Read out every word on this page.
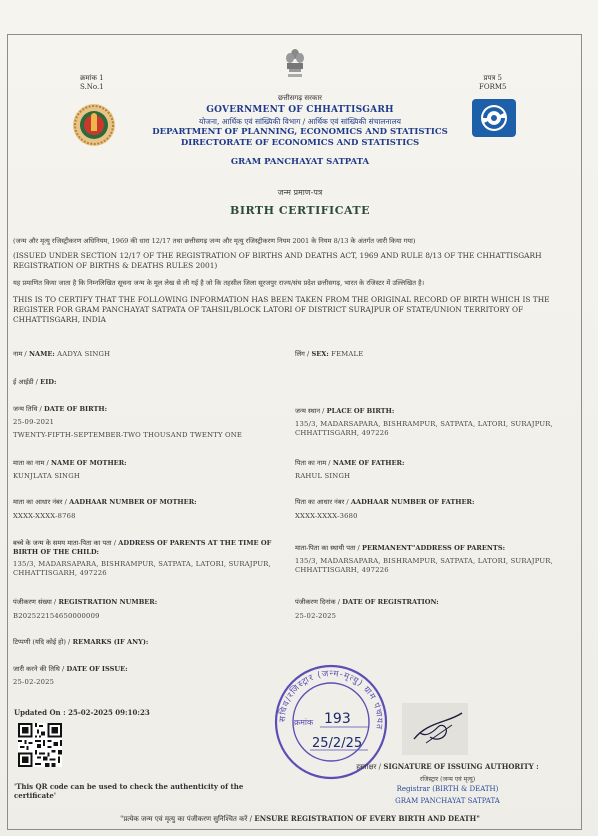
क्रमांक 1
S.No.1
प्रपत्र 5
FORM5
छत्तीसगढ़ सरकार
GOVERNMENT OF CHHATTISGARH
योजना, आर्थिक एवं सांख्यिकी विभाग / आर्थिक एवं सांख्यिकी संचालनालय
DEPARTMENT OF PLANNING, ECONOMICS AND STATISTICS
DIRECTORATE OF ECONOMICS AND STATISTICS
GRAM PANCHAYAT SATPATA
जन्म प्रमाण-पत्र
BIRTH CERTIFICATE
(जन्म और मृत्यु रजिस्ट्रीकरण अधिनियम, 1969 की धारा 12/17 तथा छत्तीसगढ़ जन्म और मृत्यु रजिस्ट्रीकरण नियम 2001 के नियम 8/13 के अंतर्गत जारी किया गया)
(ISSUED UNDER SECTION 12/17 OF THE REGISTRATION OF BIRTHS AND DEATHS ACT, 1969 AND RULE 8/13 OF THE CHHATTISGARH REGISTRATION OF BIRTHS & DEATHS RULES 2001)
यह प्रमाणित किया जाता है कि निम्नलिखित सूचना जन्म के मूल लेख से ली गई है जो कि तहसील जिला सूरजपुर राज्य/संघ प्रदेश छत्तीसगढ़, भारत के रजिस्टर में उल्लिखित है।
THIS IS TO CERTIFY THAT THE FOLLOWING INFORMATION HAS BEEN TAKEN FROM THE ORIGINAL RECORD OF BIRTH WHICH IS THE REGISTER FOR GRAM PANCHAYAT SATPATA OF TAHSIL/BLOCK LATORI OF DISTRICT SURAJPUR OF STATE/UNION TERRITORY OF CHHATTISGARH, INDIA
नाम / NAME: AADYA SINGH	लिंग / SEX: FEMALE
ई आईडी / EID:
जन्म तिथि / DATE OF BIRTH:
25-09-2021
TWENTY-FIFTH-SEPTEMBER-TWO THOUSAND TWENTY ONE
जन्म स्थान / PLACE OF BIRTH:
135/3, MADARSAPARA, BISHRAMPUR, SATPATA, LATORI, SURAJPUR, CHHATTISGARH, 497226
माता का नाम / NAME OF MOTHER:
KUNJLATA SINGH
पिता का नाम / NAME OF FATHER:
RAHUL SINGH
माता का आधार नंबर / AADHAAR NUMBER OF MOTHER:
XXXX-XXXX-8768
पिता का आधार नंबर / AADHAAR NUMBER OF FATHER:
XXXX-XXXX-3680
बच्चे के जन्म के समय माता-पिता का पता / ADDRESS OF PARENTS AT THE TIME OF BIRTH OF THE CHILD:
135/3, MADARSAPARA, BISHRAMPUR, SATPATA, LATORI, SURAJPUR, CHHATTISGARH, 497226
माता-पिता का स्थायी पता / PERMANENT"ADDRESS OF PARENTS:
135/3, MADARSAPARA, BISHRAMPUR, SATPATA, LATORI, SURAJPUR, CHHATTISGARH, 497226
पंजीकरण संख्या / REGISTRATION NUMBER:
B202522154650000009
पंजीकरण दिनांक / DATE OF REGISTRATION:
25-02-2025
टिप्पणी (यदि कोई हो) / REMARKS (IF ANY):
जारी करने की तिथि / DATE OF ISSUE:
25-02-2025
Updated On : 25-02-2025 09:10:23
'This QR code can be used to check the authenticity of the certificate'
सचिव/रजिस्ट्रार (जन्म-मृत्यु) ग्राम पंचायत
क्रमांक 193
25/2/25
हस्ताक्षर / SIGNATURE OF ISSUING AUTHORITY :
रजिस्ट्रार (जन्म एवं मृत्यु)
Registrar (BIRTH & DEATH)
GRAM PANCHAYAT SATPATA
"प्रत्येक जन्म एवं मृत्यु का पंजीकरण सुनिश्चित करें / ENSURE REGISTRATION OF EVERY BIRTH AND DEATH"
